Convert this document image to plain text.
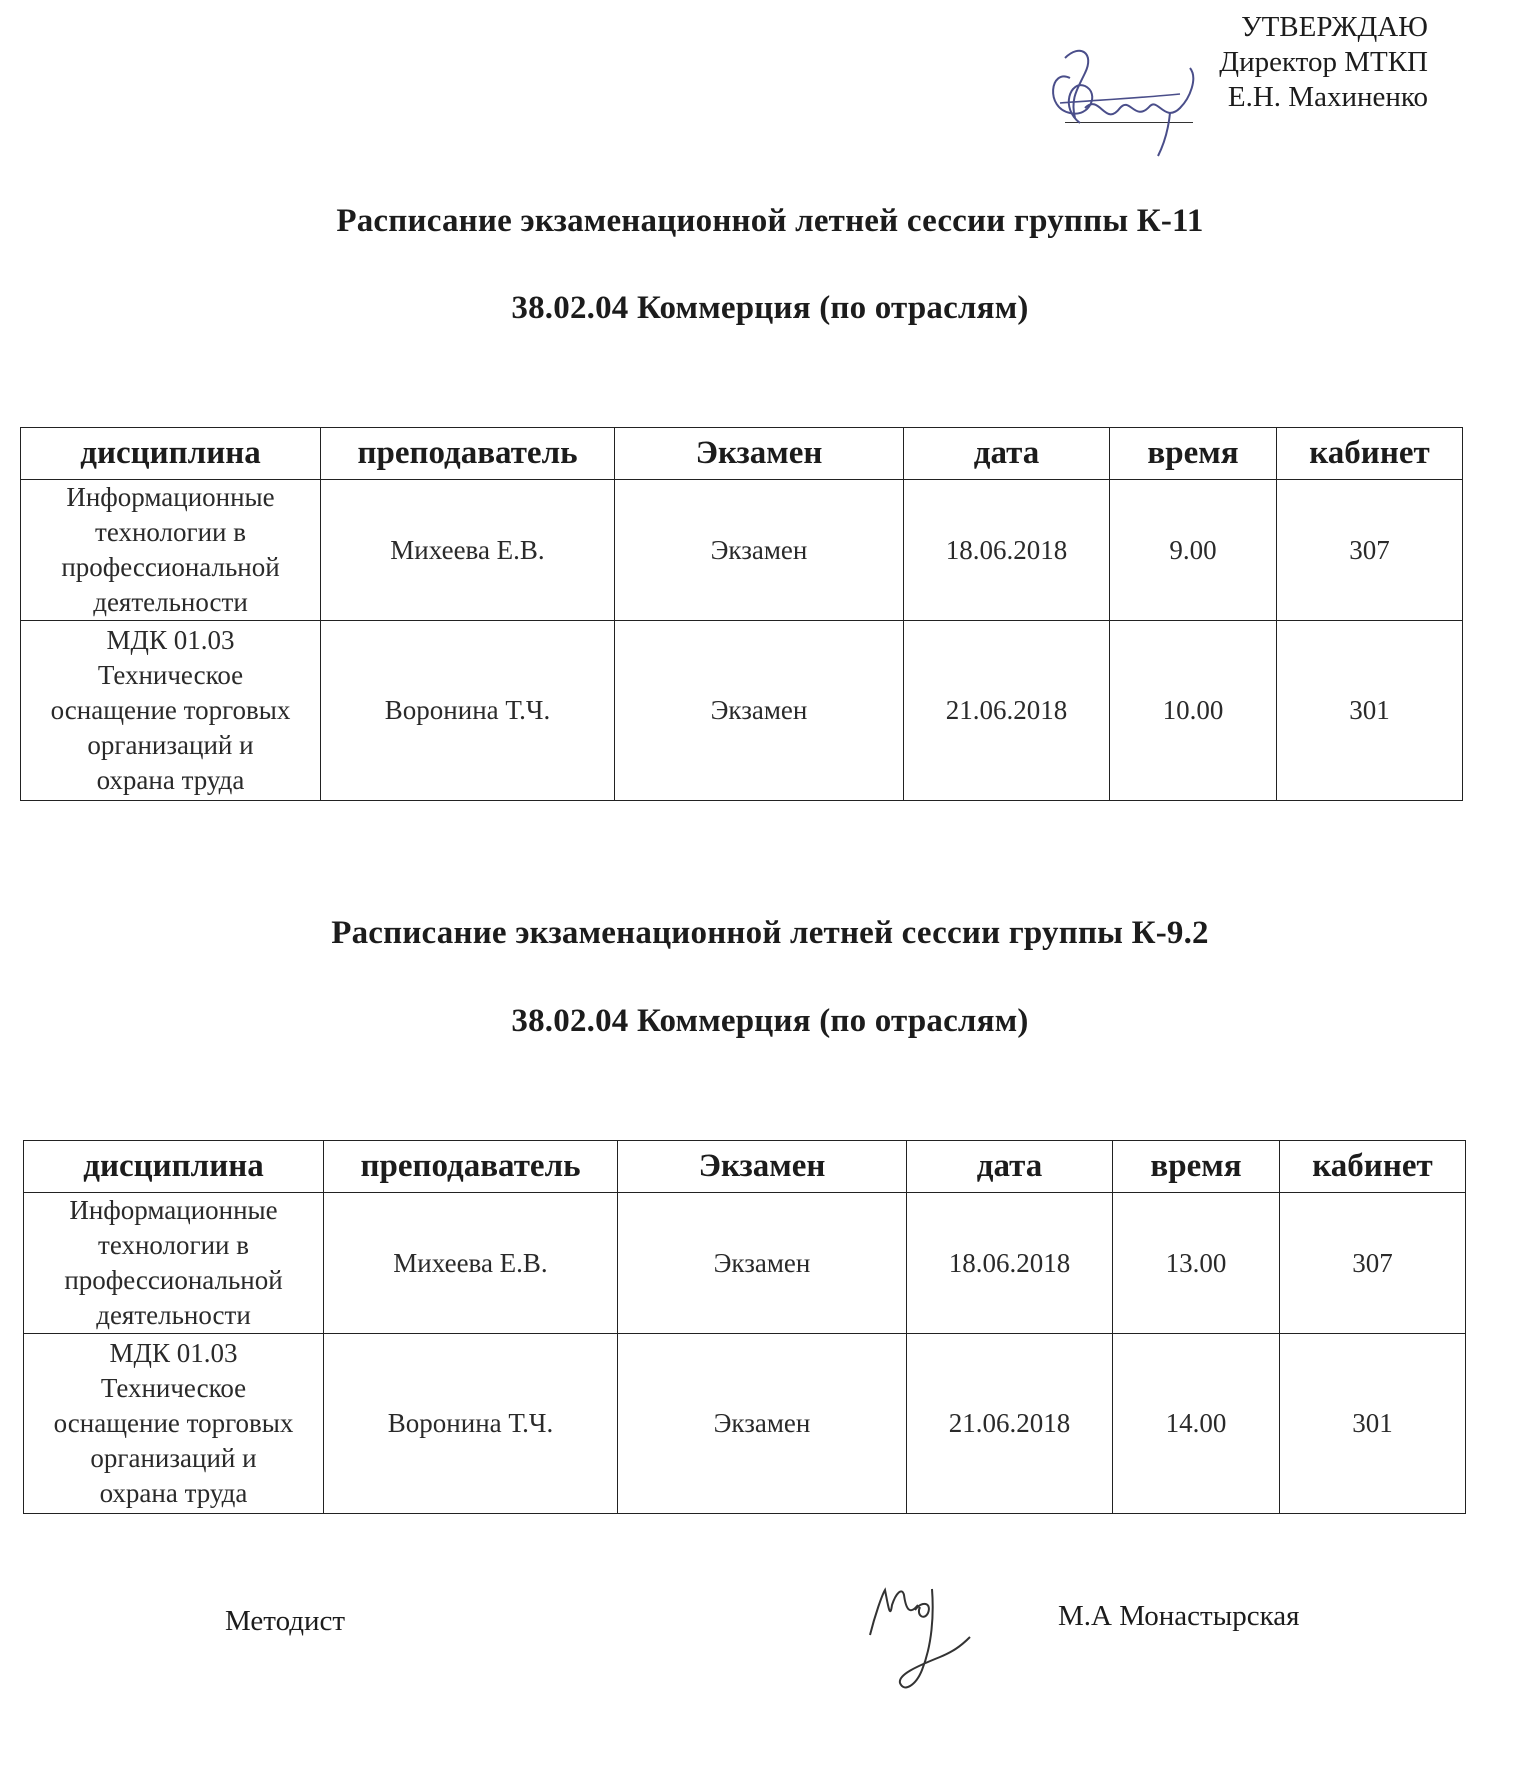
УТВЕРЖДАЮ
Директор МТКП
Е.Н. Махиненко
Расписание экзаменационной летней сессии группы К-11
38.02.04 Коммерция (по отраслям)
дисциплина	преподаватель	Экзамен	дата	время	кабинет

Информационные
технологии в
профессиональной
деятельности	Михеева Е.В.	Экзамен	18.06.2018	9.00	307

МДК 01.03
Техническое
оснащение торговых
организаций и
охрана труда	Воронина Т.Ч.	Экзамен	21.06.2018	10.00	301
Расписание экзаменационной летней сессии группы К-9.2
38.02.04 Коммерция (по отраслям)
дисциплина	преподаватель	Экзамен	дата	время	кабинет

Информационные
технологии в
профессиональной
деятельности	Михеева Е.В.	Экзамен	18.06.2018	13.00	307

МДК 01.03
Техническое
оснащение торговых
организаций и
охрана труда	Воронина Т.Ч.	Экзамен	21.06.2018	14.00	301
Методист	М.А Монастырская
